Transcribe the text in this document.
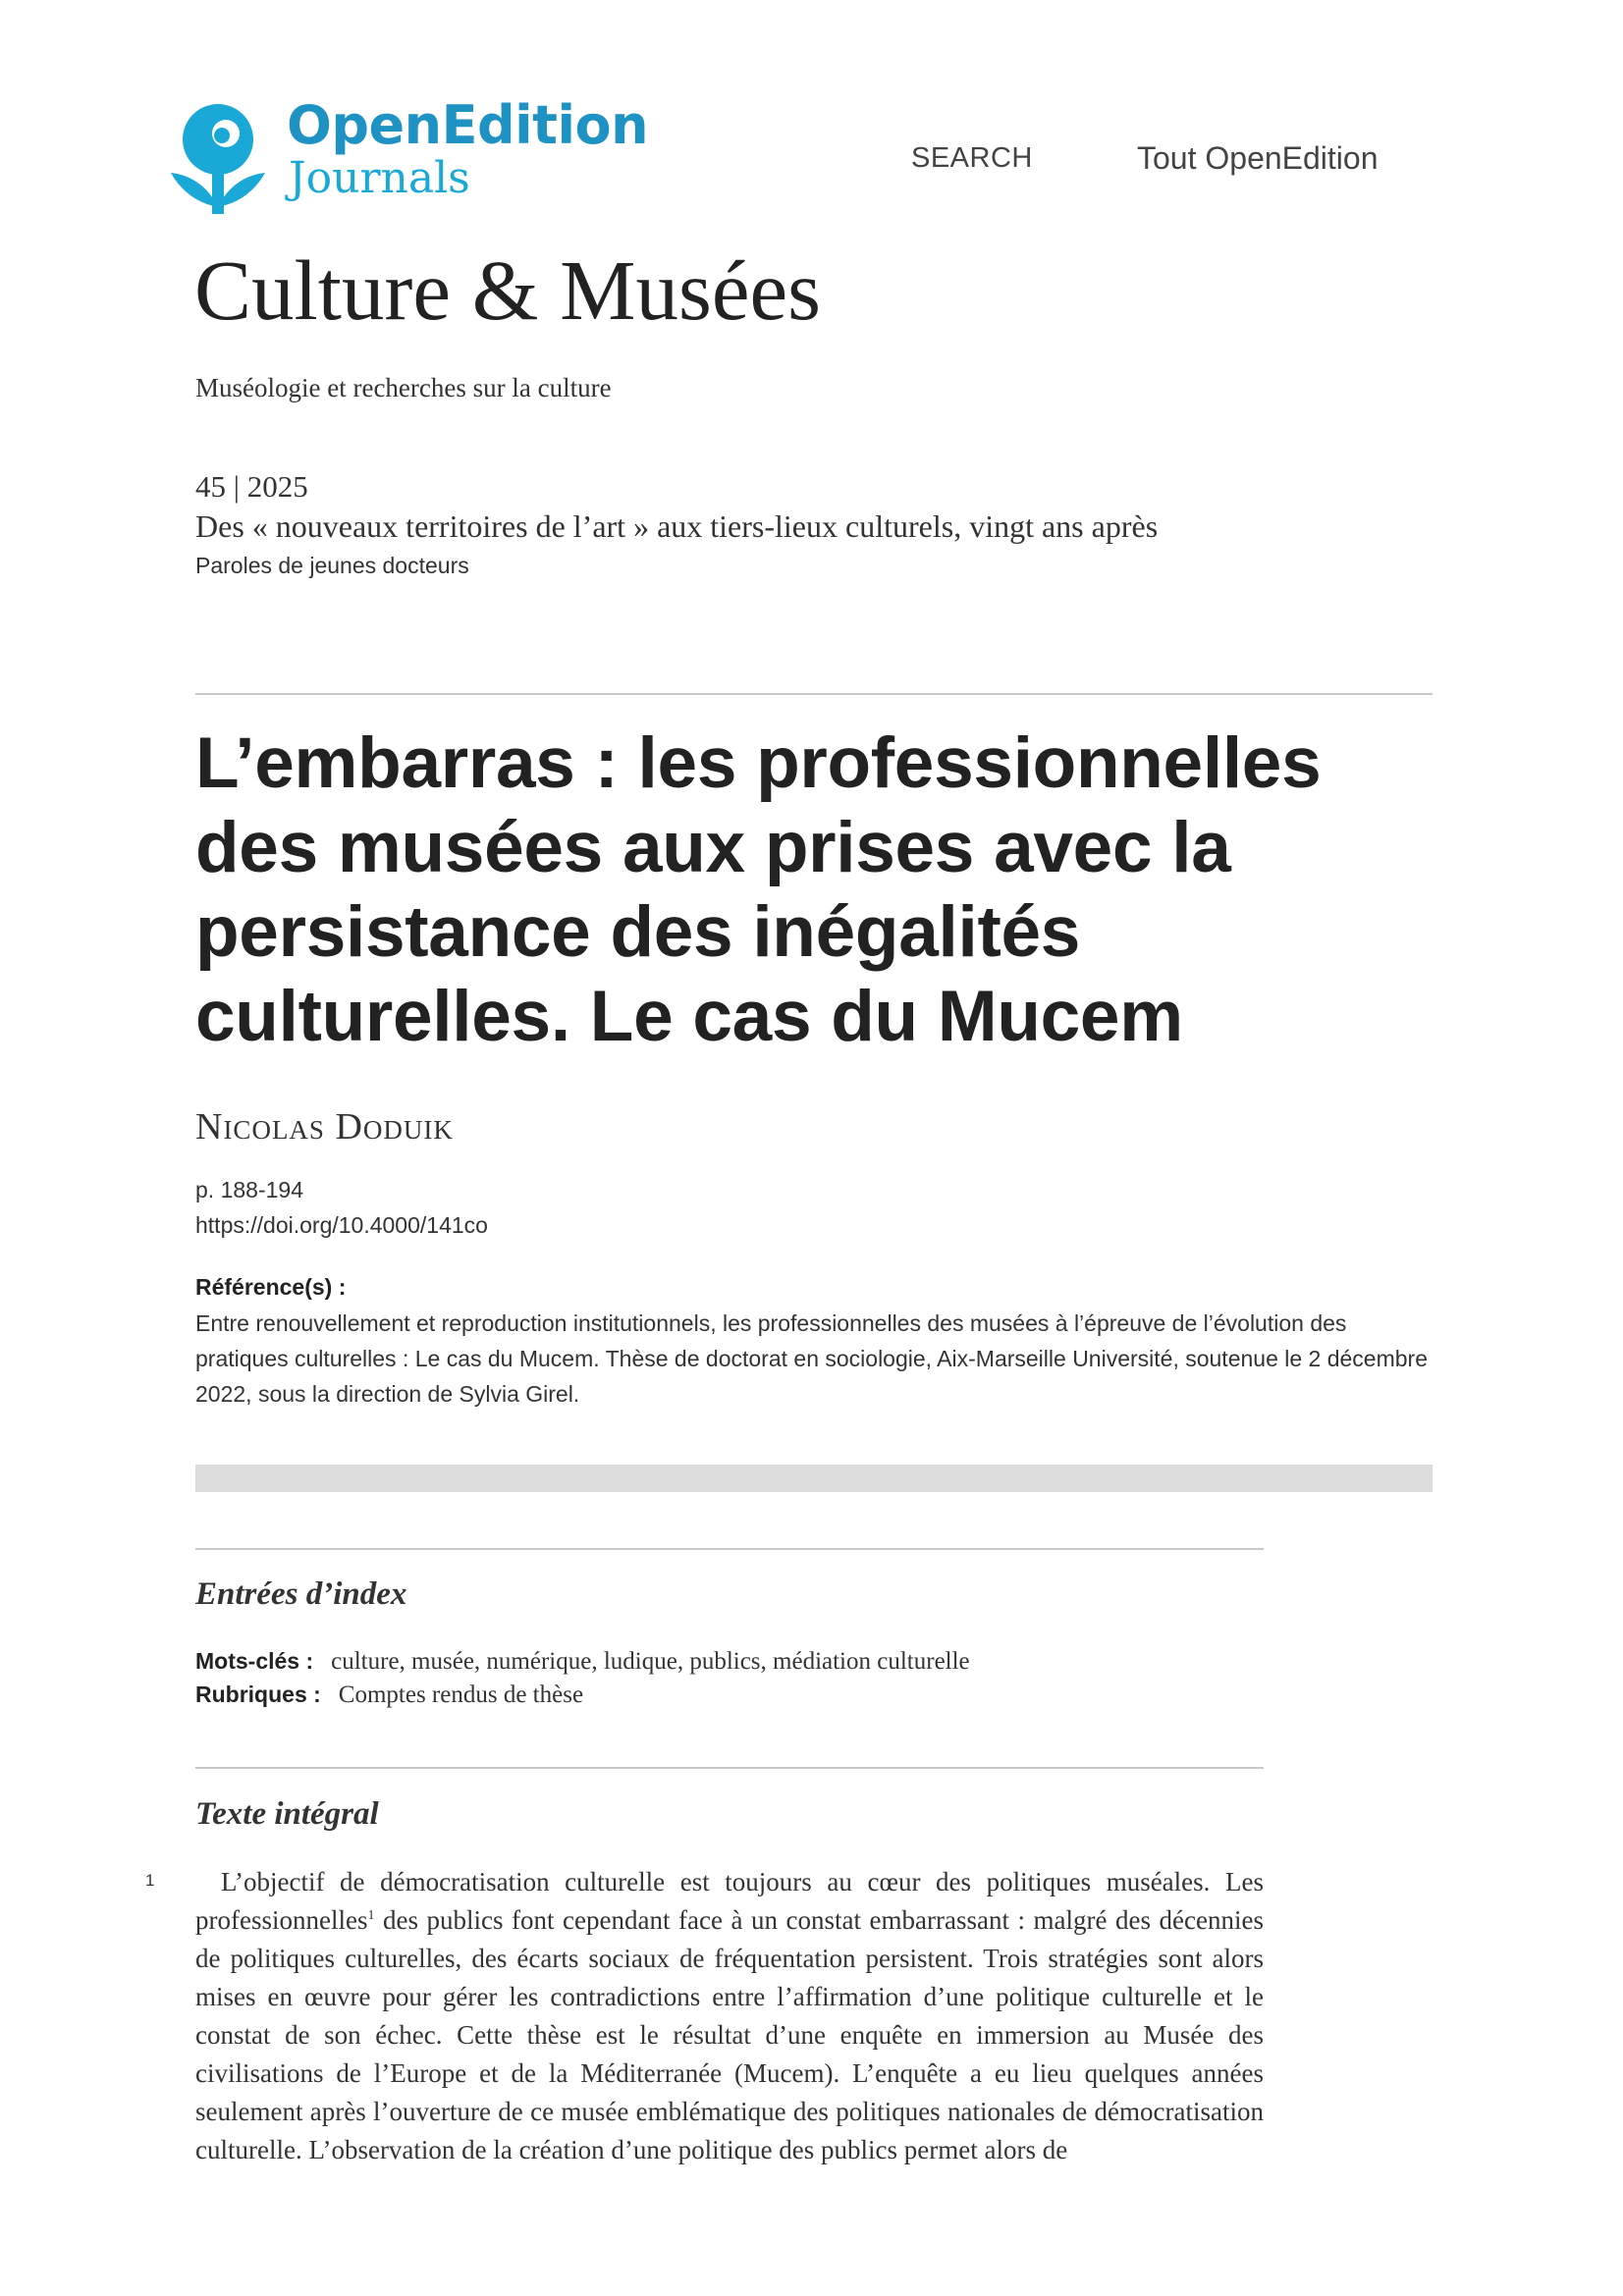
OpenEdition
Journals	SEARCH	Tout OpenEdition
Culture & Musées
Muséologie et recherches sur la culture
45 | 2025
Des « nouveaux territoires de l’art » aux tiers-lieux culturels, vingt ans après
Paroles de jeunes docteurs
L’embarras : les professionnelles des musées aux prises avec la persistance des inégalités culturelles. Le cas du Mucem
Nicolas Doduik
p. 188-194
https://doi.org/10.4000/141co
Référence(s) :
Entre renouvellement et reproduction institutionnels, les professionnelles des musées à l’épreuve de l’évolution des pratiques culturelles : Le cas du Mucem. Thèse de doctorat en sociologie, Aix-Marseille Université, soutenue le 2 décembre 2022, sous la direction de Sylvia Girel.
Entrées d’index
Mots-clés : culture, musée, numérique, ludique, publics, médiation culturelle
Rubriques : Comptes rendus de thèse
Texte intégral
1	L’objectif de démocratisation culturelle est toujours au cœur des politiques muséales. Les professionnelles$^1$ des publics font cependant face à un constat embarrassant : malgré des décennies de politiques culturelles, des écarts sociaux de fréquentation persistent. Trois stratégies sont alors mises en œuvre pour gérer les contradictions entre l’affirmation d’une politique culturelle et le constat de son échec. Cette thèse est le résultat d’une enquête en immersion au Musée des civilisations de l’Europe et de la Méditerranée (Mucem). L’enquête a eu lieu quelques années seulement après l’ouverture de ce musée emblématique des politiques nationales de démocratisation culturelle. L’observation de la création d’une politique des publics permet alors de
